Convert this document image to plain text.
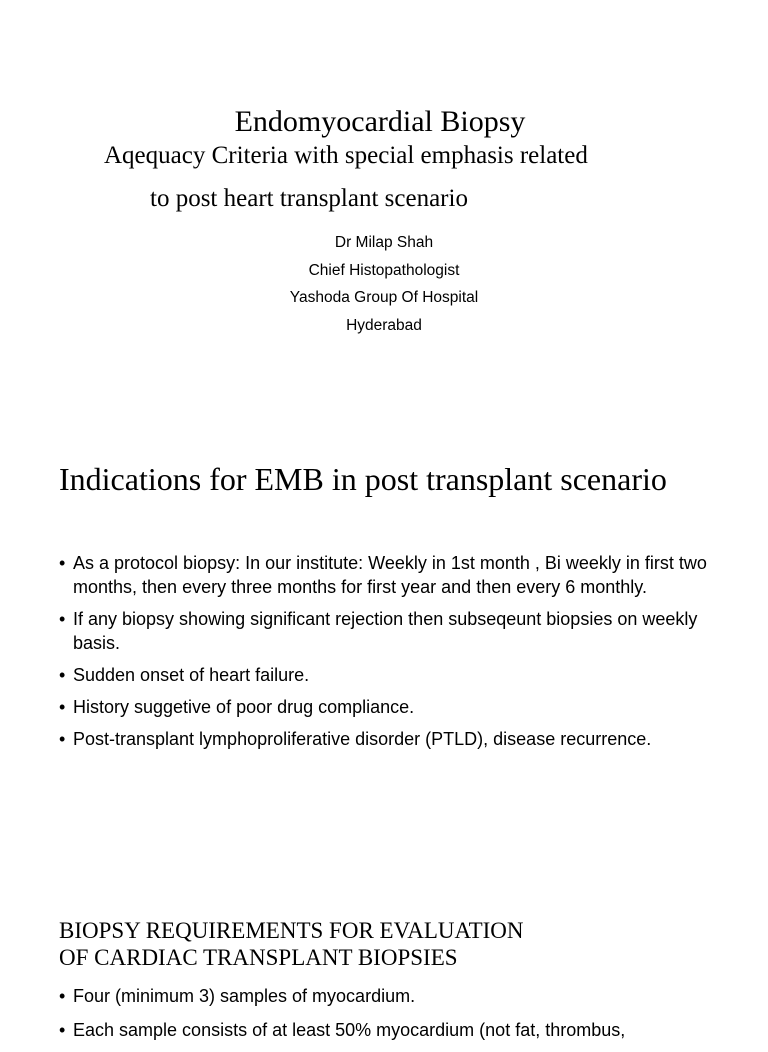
Endomyocardial Biopsy
Aqequacy Criteria with special emphasis related
to post heart transplant scenario
Dr Milap Shah
Chief Histopathologist
Yashoda Group Of Hospital
Hyderabad
Indications for EMB in post transplant scenario
• As a protocol biopsy: In our institute: Weekly in 1st month , Bi weekly in first two months, then every three months for first year and then every 6 monthly.
• If any biopsy showing significant rejection then subseqeunt biopsies on weekly basis.
• Sudden onset of heart failure.
• History suggetive of poor drug compliance.
• Post-transplant lymphoproliferative disorder (PTLD), disease recurrence.
BIOPSY REQUIREMENTS FOR EVALUATION
OF CARDIAC TRANSPLANT BIOPSIES
• Four (minimum 3) samples of myocardium.
• Each sample consists of at least 50% myocardium (not fat, thrombus,
